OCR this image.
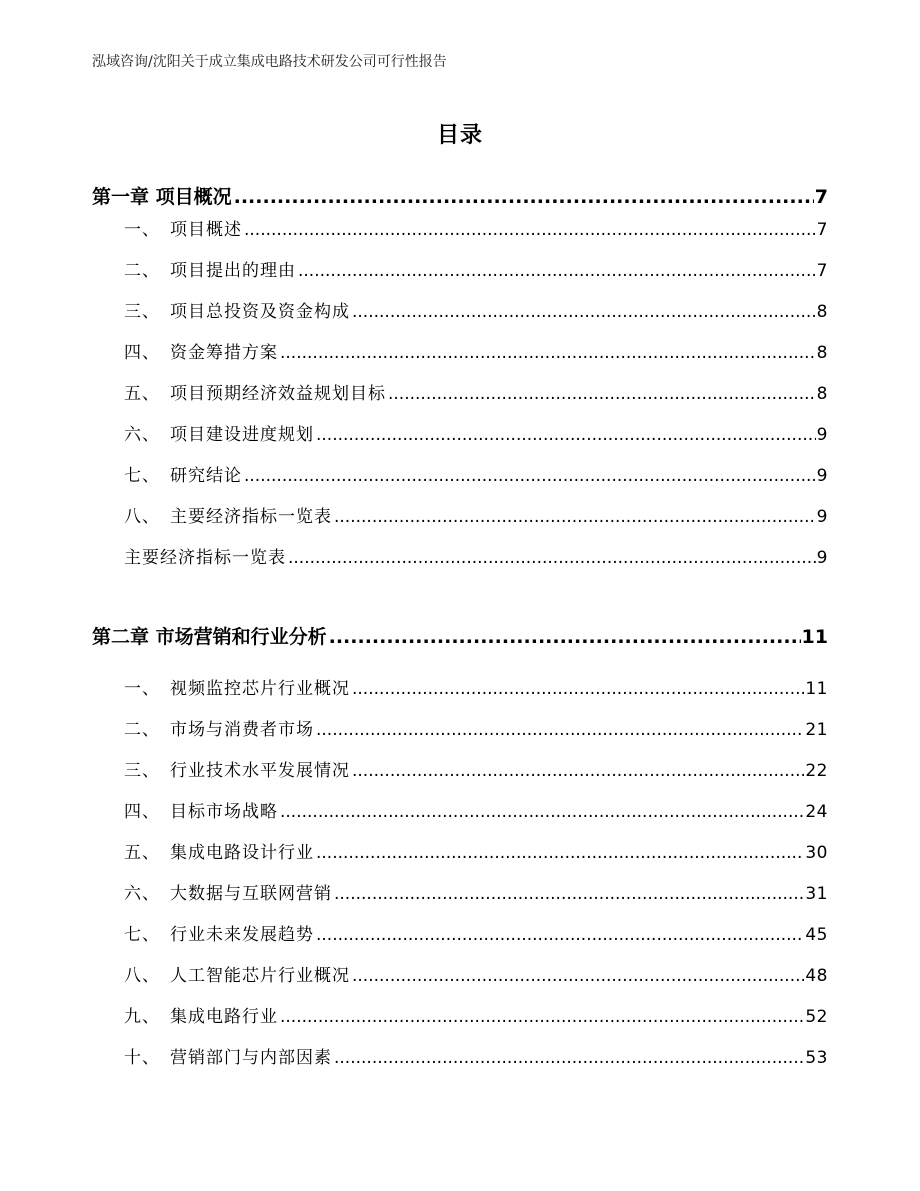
泓域咨询/沈阳关于成立集成电路技术研发公司可行性报告
目录
第一章 项目概况 .....	7
一、 项目概述 .....	7
二、 项目提出的理由 .....	7
三、 项目总投资及资金构成 .....	8
四、 资金筹措方案 .....	8
五、 项目预期经济效益规划目标 .....	8
六、 项目建设进度规划 .....	9
七、 研究结论 .....	9
八、 主要经济指标一览表 .....	9
主要经济指标一览表 .....	9
第二章 市场营销和行业分析 .....	11
一、 视频监控芯片行业概况 .....	11
二、 市场与消费者市场 .....	21
三、 行业技术水平发展情况 .....	22
四、 目标市场战略 .....	24
五、 集成电路设计行业 .....	30
六、 大数据与互联网营销 .....	31
七、 行业未来发展趋势 .....	45
八、 人工智能芯片行业概况 .....	48
九、 集成电路行业 .....	52
十、 营销部门与内部因素 .....	53
